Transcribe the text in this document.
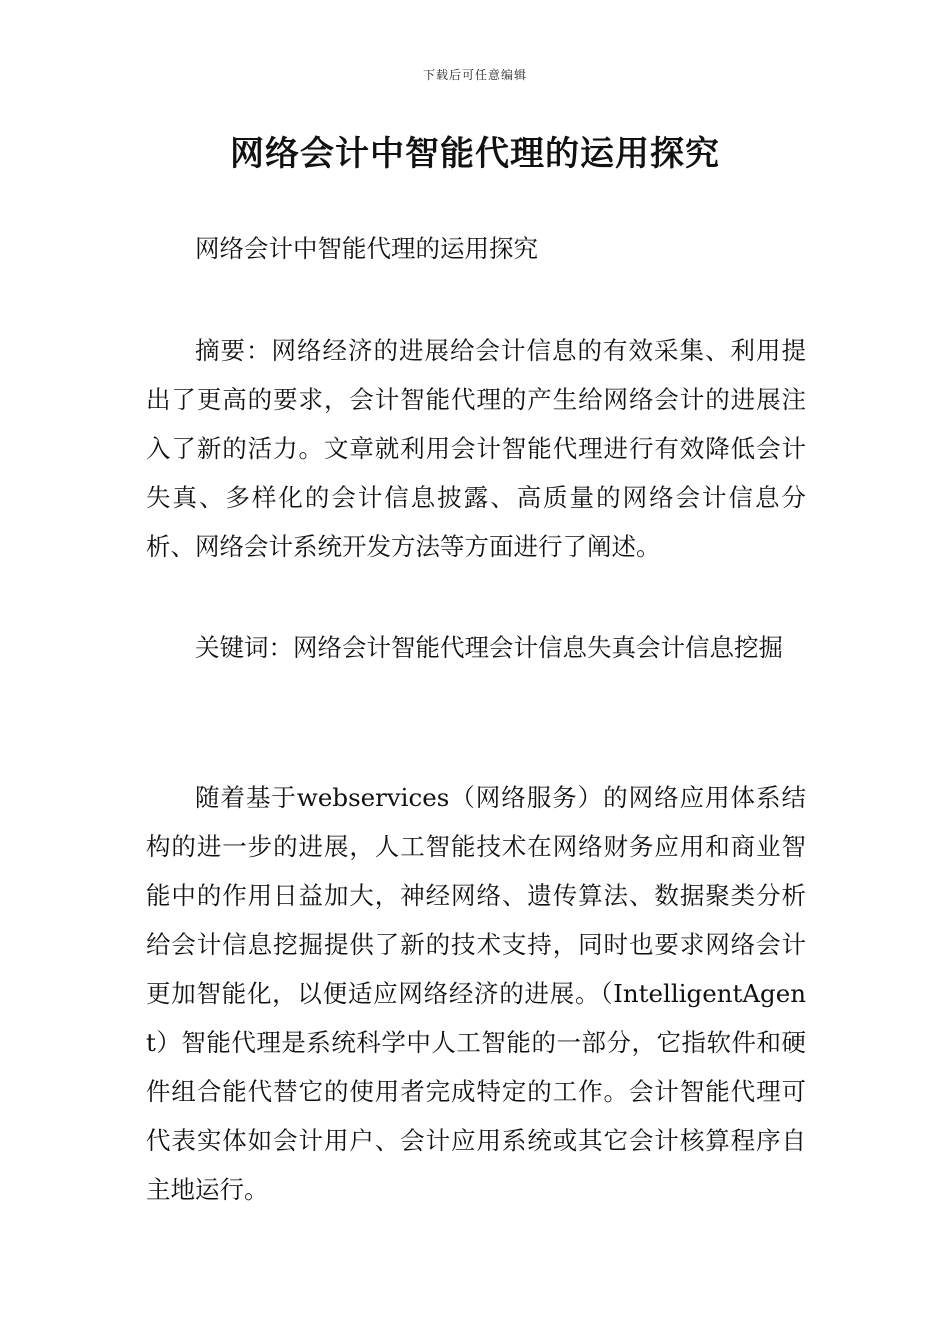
下载后可任意编辑
网络会计中智能代理的运用探究

网络会计中智能代理的运用探究

摘要：网络经济的进展给会计信息的有效采集、利用提出了更高的要求，会计智能代理的产生给网络会计的进展注入了新的活力。文章就利用会计智能代理进行有效降低会计失真、多样化的会计信息披露、高质量的网络会计信息分析、网络会计系统开发方法等方面进行了阐述。

关键词：网络会计智能代理会计信息失真会计信息挖掘

随着基于webservices（网络服务）的网络应用体系结构的进一步的进展，人工智能技术在网络财务应用和商业智能中的作用日益加大，神经网络、遗传算法、数据聚类分析给会计信息挖掘提供了新的技术支持，同时也要求网络会计更加智能化，以便适应网络经济的进展。（IntelligentAgent）智能代理是系统科学中人工智能的一部分，它指软件和硬件组合能代替它的使用者完成特定的工作。会计智能代理可代表实体如会计用户、会计应用系统或其它会计核算程序自主地运行。
